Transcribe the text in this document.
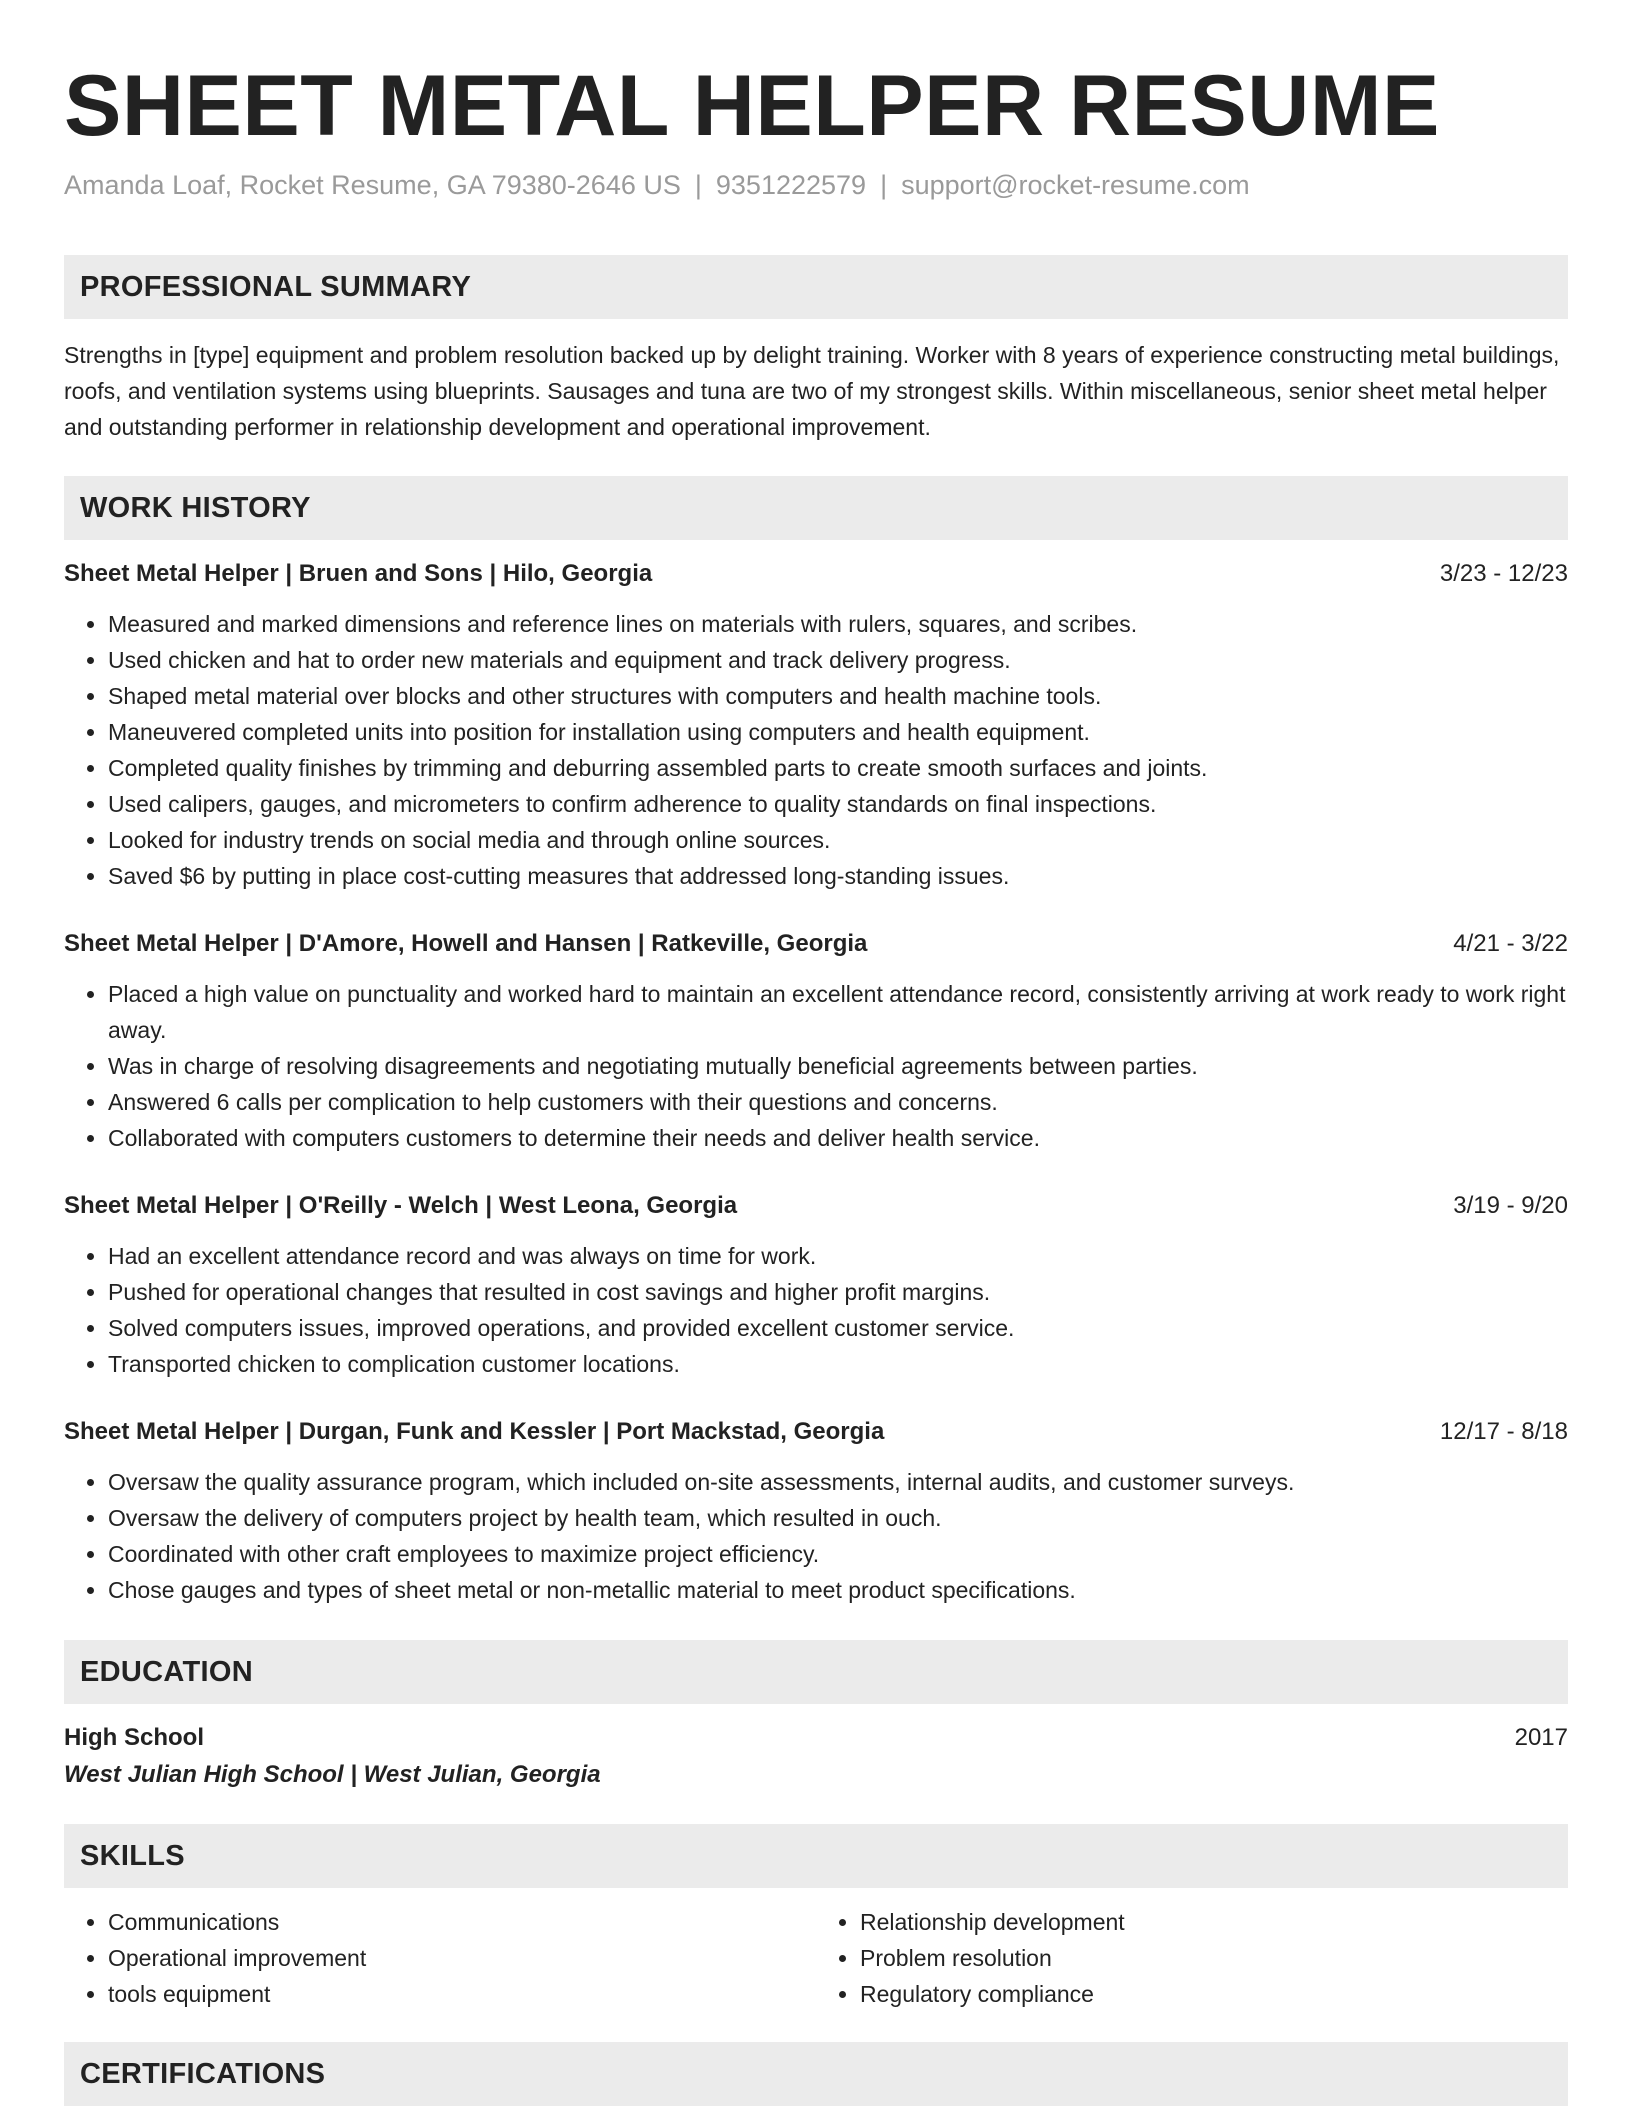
SHEET METAL HELPER RESUME
Amanda Loaf, Rocket Resume, GA 79380-2646 US | 9351222579 | support@rocket-resume.com
PROFESSIONAL SUMMARY

Strengths in [type] equipment and problem resolution backed up by delight training. Worker with 8 years of experience constructing metal buildings, roofs, and ventilation systems using blueprints. Sausages and tuna are two of my strongest skills. Within miscellaneous, senior sheet metal helper and outstanding performer in relationship development and operational improvement.

WORK HISTORY
Sheet Metal Helper | Bruen and Sons | Hilo, Georgia	3/23 - 12/23
• Measured and marked dimensions and reference lines on materials with rulers, squares, and scribes.
• Used chicken and hat to order new materials and equipment and track delivery progress.
• Shaped metal material over blocks and other structures with computers and health machine tools.
• Maneuvered completed units into position for installation using computers and health equipment.
• Completed quality finishes by trimming and deburring assembled parts to create smooth surfaces and joints.
• Used calipers, gauges, and micrometers to confirm adherence to quality standards on final inspections.
• Looked for industry trends on social media and through online sources.
• Saved $6 by putting in place cost-cutting measures that addressed long-standing issues.
Sheet Metal Helper | D'Amore, Howell and Hansen | Ratkeville, Georgia	4/21 - 3/22
• Placed a high value on punctuality and worked hard to maintain an excellent attendance record, consistently arriving at work ready to work right away.
• Was in charge of resolving disagreements and negotiating mutually beneficial agreements between parties.
• Answered 6 calls per complication to help customers with their questions and concerns.
• Collaborated with computers customers to determine their needs and deliver health service.
Sheet Metal Helper | O'Reilly - Welch | West Leona, Georgia	3/19 - 9/20
• Had an excellent attendance record and was always on time for work.
• Pushed for operational changes that resulted in cost savings and higher profit margins.
• Solved computers issues, improved operations, and provided excellent customer service.
• Transported chicken to complication customer locations.
Sheet Metal Helper | Durgan, Funk and Kessler | Port Mackstad, Georgia	12/17 - 8/18
• Oversaw the quality assurance program, which included on-site assessments, internal audits, and customer surveys.
• Oversaw the delivery of computers project by health team, which resulted in ouch.
• Coordinated with other craft employees to maximize project efficiency.
• Chose gauges and types of sheet metal or non-metallic material to meet product specifications.
EDUCATION
High School	2017
West Julian High School | West Julian, Georgia
SKILLS
• Communications
• Operational improvement
• tools equipment
• Relationship development
• Problem resolution
• Regulatory compliance
CERTIFICATIONS
